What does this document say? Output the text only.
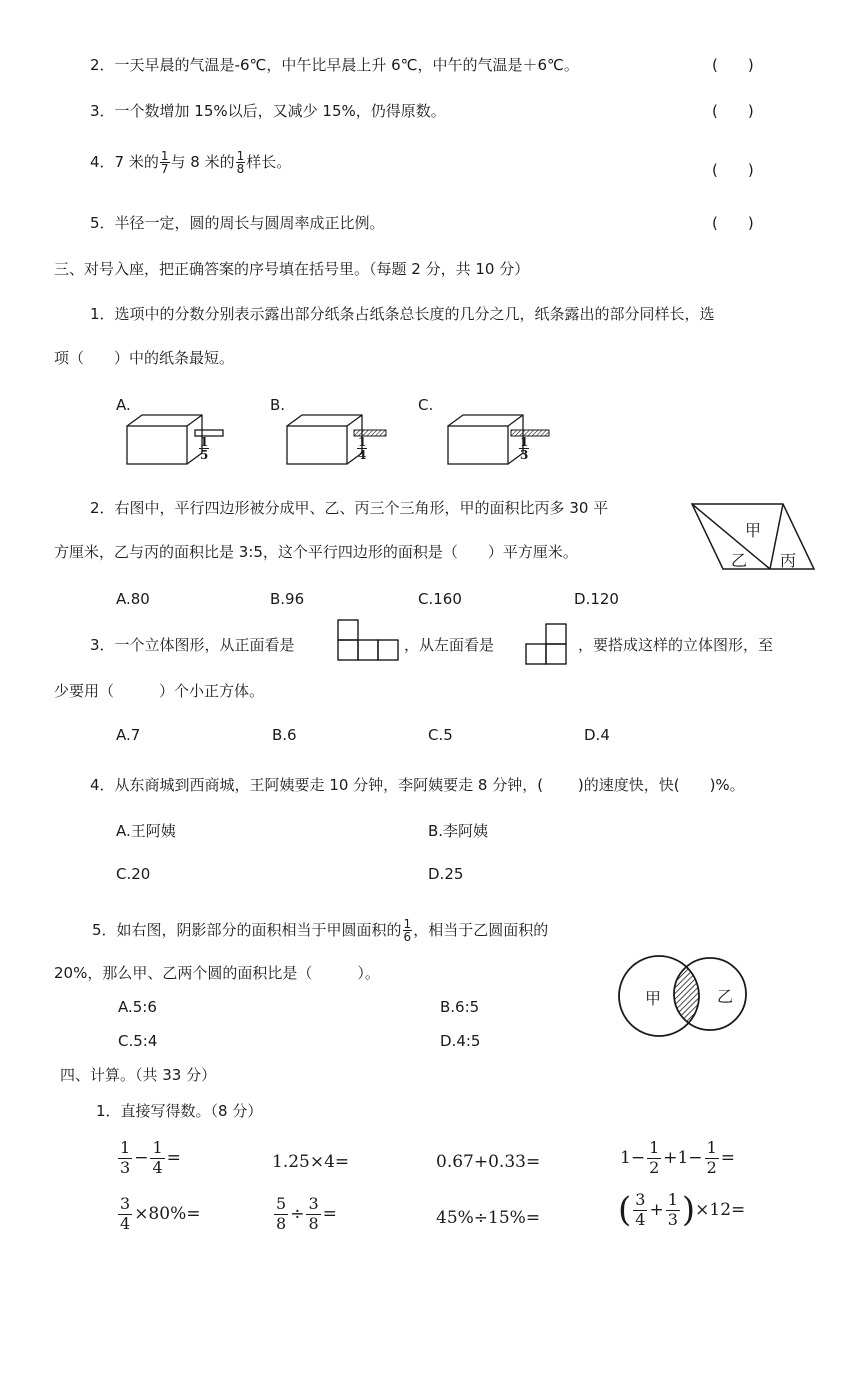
2．一天早晨的气温是-6℃，中午比早晨上升 6℃，中午的气温是＋6℃。	(　　)
3．一个数增加 15%以后，又减少 15%，仍得原数。	(　　)
4．7 米的 $\frac{1}{7}$ 与 8 米的 $\frac{1}{8}$ 样长。	(　　)
5．半径一定，圆的周长与圆周率成正比例。	(　　)
三、对号入座，把正确答案的序号填在括号里。（每题 2 分，共 10 分）
1．选项中的分数分别表示露出部分纸条占纸条总长度的几分之几，纸条露出的部分同样长，选
项（　　）中的纸条最短。
A.	B.	C.
$\frac{1}{5}$	$\frac{1}{4}$	$\frac{1}{3}$
2．右图中，平行四边形被分成甲、乙、丙三个三角形，甲的面积比丙多 30 平
方厘米，乙与丙的面积比是 3:5，这个平行四边形的面积是（　　）平方厘米。
甲
乙 丙
A.80	B.96	C.160	D.120
3．一个立体图形，从正面看是	，从左面看是	，要搭成这样的立体图形，至
少要用（　　　）个小正方体。
A.7	B.6	C.5	D.4
4．从东商城到西商城，王阿姨要走 10 分钟，李阿姨要走 8 分钟，(　　 )的速度快，快(　　)%。
A.王阿姨	B.李阿姨
C.20	D.25
5．如右图，阴影部分的面积相当于甲圆面积的 $\frac{1}{6}$ ，相当于乙圆面积的
20%，那么甲、乙两个圆的面积比是（　　　）。
甲	乙
A.5:6	B.6:5
C.5:4	D.4:5
四、计算。（共 33 分）
1．直接写得数。（8 分）
$\frac{1}{3} - \frac{1}{4}$ =	1.25×4=	0.67+0.33=	$1- \frac{1}{2} +1- \frac{1}{2}$ =
$\frac{3}{4} \times 80\%=$	$\frac{5}{8} \div \frac{3}{8}$ =	45%÷15%= ( $\frac{3}{4} + \frac{1}{3} )\times 12=$
